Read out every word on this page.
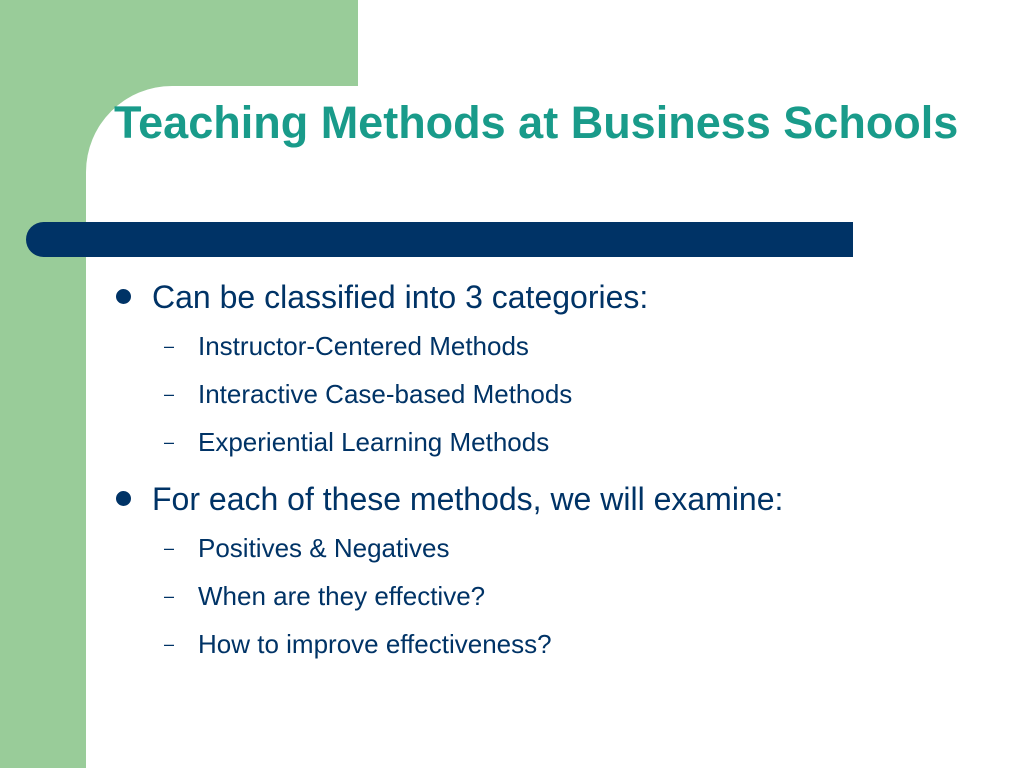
Teaching Methods at Business Schools
Can be classified into 3 categories:
– Instructor-Centered Methods
– Interactive Case-based Methods
– Experiential Learning Methods
For each of these methods, we will examine:
– Positives & Negatives
– When are they effective?
– How to improve effectiveness?
